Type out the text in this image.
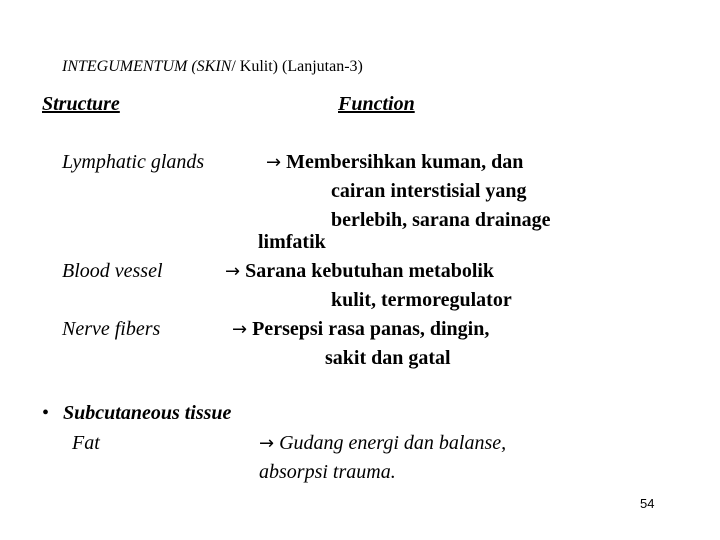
INTEGUMENTUM (SKIN/ Kulit) (Lanjutan-3)
Structure	Function
Lymphatic glands	→ Membersihkan kuman, dan
cairan interstisial yang
berlebih, sarana drainage
limfatik
Blood vessel	→ Sarana kebutuhan metabolik
kulit, termoregulator
Nerve fibers	→ Persepsi rasa panas, dingin,
sakit dan gatal
• Subcutaneous tissue
Fat	→ Gudang energi dan balanse,
absorpsi trauma.
54
